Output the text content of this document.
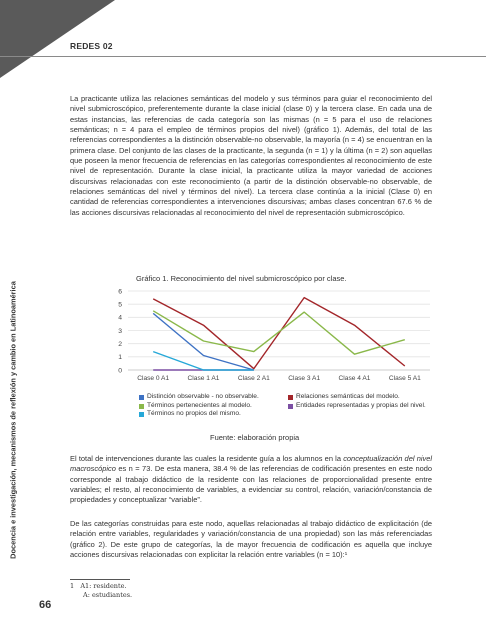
REDES 02
Docencia e investigación, mecanismos de reflexión y cambio en Latinoamérica

La practicante utiliza las relaciones semánticas del modelo y sus términos para guiar el reconocimiento del nivel submicroscópico, preferentemente durante la clase inicial (clase 0) y la tercera clase. En cada una de estas instancias, las referencias de cada categoría son las mismas (n = 5 para el uso de relaciones semánticas; n = 4 para el empleo de términos propios del nivel) (gráfico 1). Además, del total de las referencias correspondientes a la distinción observable-no observable, la mayoría (n = 4) se encuentran en la primera clase. Del conjunto de las clases de la practicante, la segunda (n = 1) y la última (n = 2) son aquellas que poseen la menor frecuencia de referencias en las categorías correspondientes al reconocimiento de este nivel de representación. Durante la clase inicial, la practicante utiliza la mayor variedad de acciones discursivas relacionadas con este reconocimiento (a partir de la distinción observable-no observable, de relaciones semánticas del nivel y términos del nivel). La tercera clase continúa a la inicial (Clase 0) en cantidad de referencias correspondientes a intervenciones discursivas; ambas clases concentran 67.6 % de las acciones discursivas relacionadas al reconocimiento del nivel de representación submicroscópico.

Gráfico 1. Reconocimiento del nivel submicroscópico por clase.
0
1
2
3
4
5
6
Clase 0 A1	Clase 1 A1	Clase 2 A1	Clase 3 A1	Clase 4 A1	Clase 5 A1
Distinción observable - no observable.
Términos pertenecientes al modelo.
Términos no propios del mismo.
Relaciones semánticas del modelo.
Entidades representadas y propias del nivel.
Fuente: elaboración propia

El total de intervenciones durante las cuales la residente guía a los alumnos en la conceptualización del nivel macroscópico es n = 73. De esta manera, 38.4 % de las referencias de codificación presentes en este nodo corresponde al trabajo didáctico de la residente con las relaciones de proporcionalidad presente entre variables; el resto, al reconocimiento de variables, a evidenciar su control, relación, variación/constancia de propiedades y conceptualizar “variable”.

De las categorías construidas para este nodo, aquellas relacionadas al trabajo didáctico de explicitación (de relación entre variables, regularidades y variación/constancia de una propiedad) son las más referenciadas (gráfico 2). De este grupo de categorías, la de mayor frecuencia de codificación es aquella que incluye acciones discursivas relacionadas con explicitar la relación entre variables (n = 10):¹

1 A1: residente.
A: estudiantes.
66
